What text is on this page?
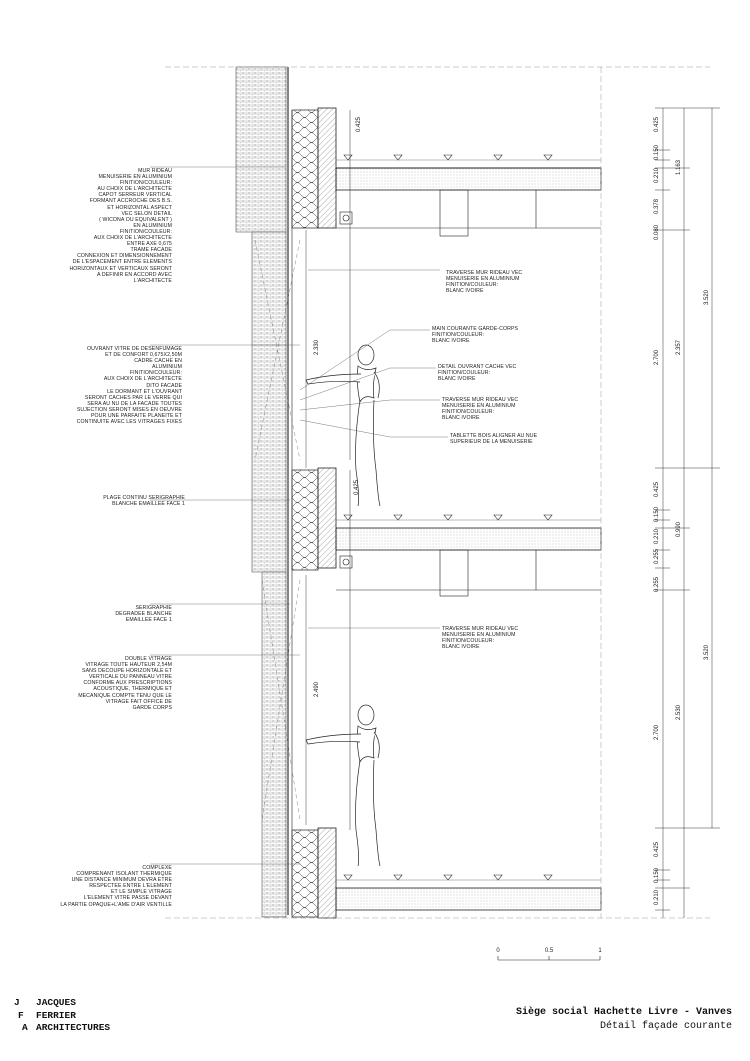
0.425
0.150
0.210
0.378
0.080
2.700
0.425
0.150
0.210
0.255
0.255
2.700
0.425
0.150
0.210
1.163
2.357
0.990
2.530
3.520
3.520
0.425
2.330
2.490
0.425
MUR RIDEAU
MENUISERIE EN ALUMINIUM
FINITION/COULEUR:
AU CHOIX DE L'ARCHITECTE
CAPOT SERREUR VERTICAL
FORMANT ACCROCHE DES B.S.
ET HORIZONTAL ASPECT
VEC SELON DETAIL
( WICONA OU EQUIVALENT )
EN ALUMINIUM
FINITION/COULEUR:
AUX CHOIX DE L'ARCHITECTE
ENTRE AXE 0,675
TRAME FACADE
CONNEXION ET DIMENSIONNEMENT
DE L'ESPACEMENT ENTRE ELEMENTS
HORIZONTAUX ET VERTICAUX SERONT
A DEFINIR EN ACCORD AVEC
L'ARCHITECTE
OUVRANT VITRE DE DESENFUMAGE
ET DE CONFORT 0,675X2,50M
CADRE CACHE EN
ALUMINIUM
FINITION/COULEUR:
AUX CHOIX DE L'ARCHITECTE
DITO FACADE
LE DORMANT ET L'OUVRANT
SERONT CACHES PAR LE VERRE QUI
SERA AU NU DE LA FACADE TOUTES
SUJECTION SERONT MISES EN OEUVRE
POUR UNE PARFAITE PLANEITE ET
CONTINUITE AVEC LES VITRAGES FIXES
PLAGE CONTINU SERIGRAPHIE
BLANCHE EMAILLEE FACE 1
SERIGRAPHIE
DEGRADEE BLANCHE
EMAILLEE FACE 1
DOUBLE VITRAGE
VITRAGE TOUTE HAUTEUR 2,54M
SANS DECOUPE HORIZONTALE ET
VERTICALE DU PANNEAU VITRE
CONFORME AUX PRESCRIPTIONS
ACOUSTIQUE, THERMIQUE ET
MECANIQUE COMPTE TENU QUE LE
VITRAGE FAIT OFFICE DE
GARDE CORPS
COMPLEXE
COMPRENANT ISOLANT THERMIQUE
UNE DISTANCE MINIMUM DEVRA ETRE
RESPECTEE ENTRE L'ELEMENT
ET LE SIMPLE VITRAGE
L'ELEMENT VITRE PASSE DEVANT
LA PARTIE OPAQUE+L'AME D'AIR VENTILLE
TRAVERSE MUR RIDEAU VEC
MENUISERIE EN ALUMINIUM
FINITION/COULEUR:
BLANC IVOIRE
MAIN COURANTE GARDE-CORPS
FINITION/COULEUR:
BLANC IVOIRE
DETAIL OUVRANT CACHE VEC
FINITION/COULEUR:
BLANC IVOIRE
TRAVERSE MUR RIDEAU VEC
MENUISERIE EN ALUMINIUM
FINITION/COULEUR:
BLANC IVOIRE
TABLETTE BOIS ALIGNER AU NUE
SUPERIEUR DE LA MENUISERIE
TRAVERSE MUR RIDEAU VEC
MENUISERIE EN ALUMINIUM
FINITION/COULEUR:
BLANC IVOIRE
0	0.5	1
J	JACQUES
F	FERRIER
A ARCHITECTURES
Siège social Hachette Livre - Vanves
Détail façade courante
